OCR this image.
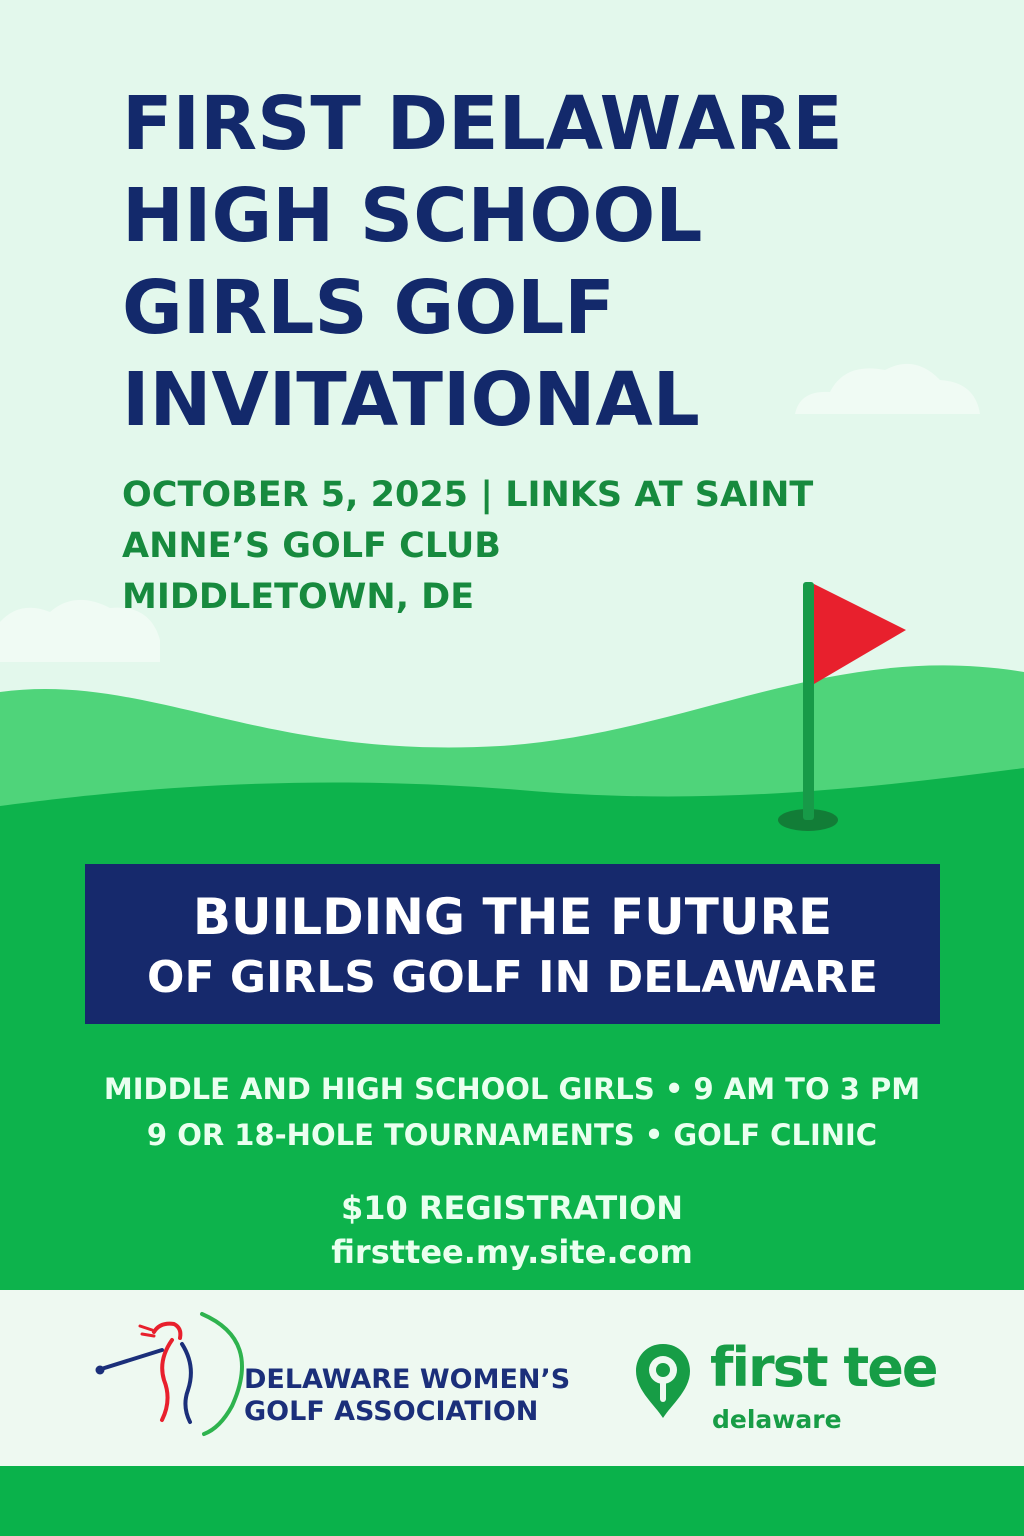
FIRST DELAWARE
HIGH SCHOOL
GIRLS GOLF
INVITATIONAL
OCTOBER 5, 2025 | LINKS AT SAINT
ANNE’S GOLF CLUB
MIDDLETOWN, DE
BUILDING THE FUTURE
OF GIRLS GOLF IN DELAWARE
MIDDLE AND HIGH SCHOOL GIRLS • 9 AM TO 3 PM
9 OR 18-HOLE TOURNAMENTS • GOLF CLINIC
$10 REGISTRATION
firsttee.my.site.com
DELAWARE WOMEN’S
GOLF ASSOCIATION
first tee
delaware
